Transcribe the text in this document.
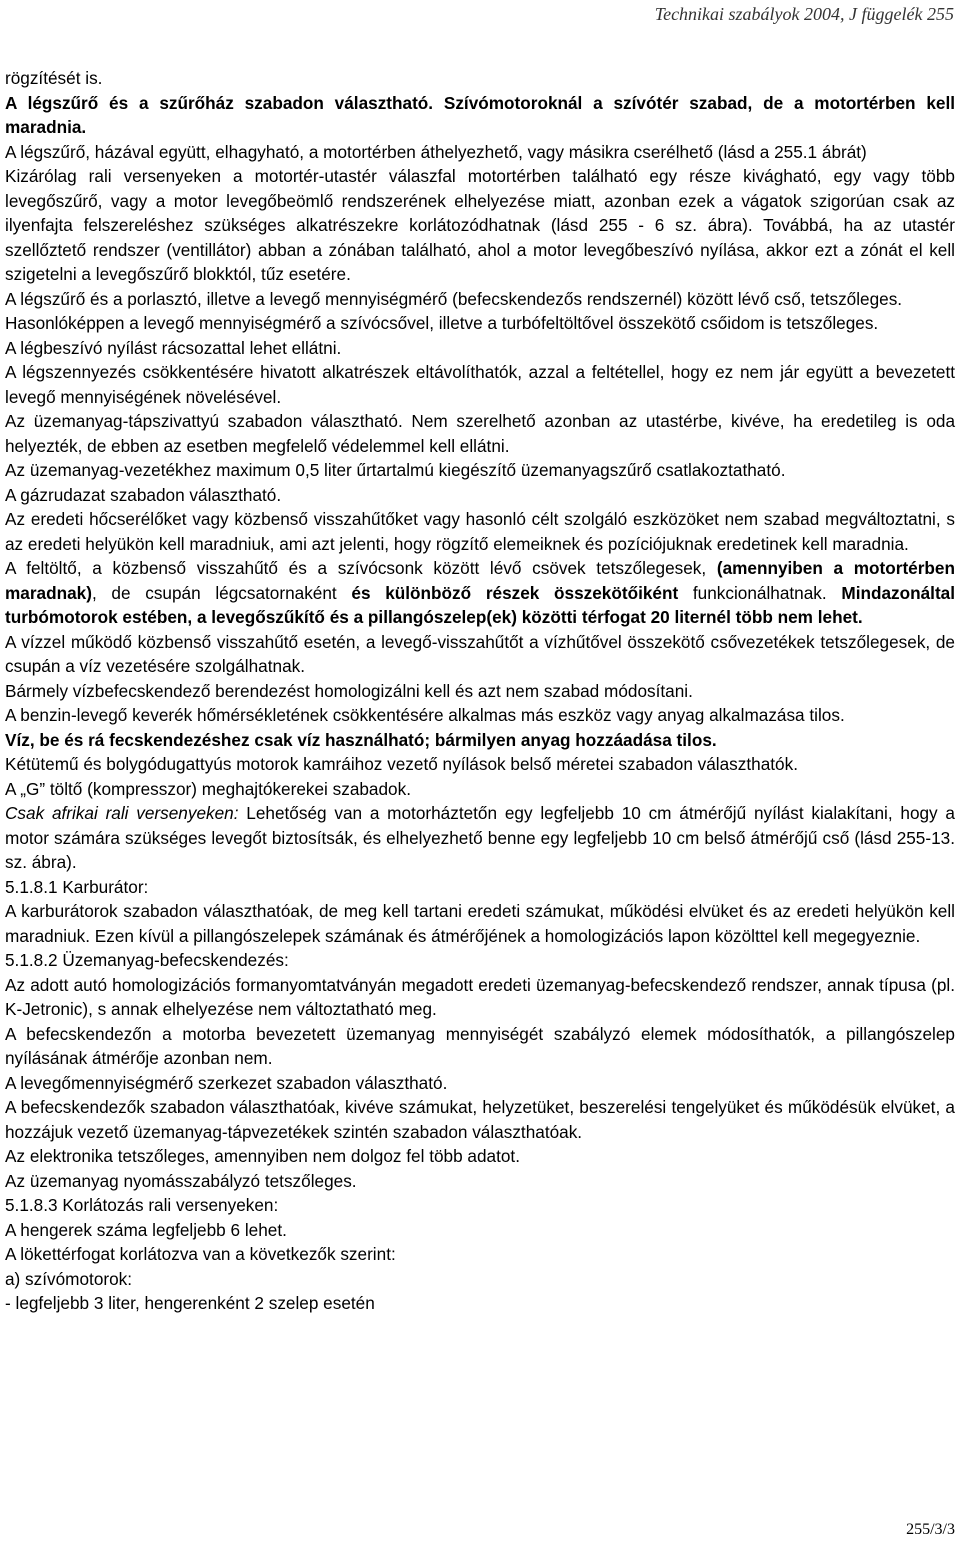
Technikai szabályok 2004, J függelék 255

rögzítését is.

A légszűrő és a szűrőház szabadon választható. Szívómotoroknál a szívótér szabad, de a motortérben kell maradnia.

A légszűrő, házával együtt, elhagyható, a motortérben áthelyezhető, vagy másikra cserélhető (lásd a 255.1 ábrát)

Kizárólag rali versenyeken a motortér-utastér válaszfal motortérben található egy része kivágható, egy vagy több levegőszűrő, vagy a motor levegőbeömlő rendszerének elhelyezése miatt, azonban ezek a vágatok szigorúan csak az ilyenfajta felszereléshez szükséges alkatrészekre korlátozódhatnak (lásd 255 - 6 sz. ábra). Továbbá, ha az utastér szellőztető rendszer (ventillátor) abban a zónában található, ahol a motor levegőbeszívó nyílása, akkor ezt a zónát el kell szigetelni a levegőszűrő blokktól, tűz esetére.

A légszűrő és a porlasztó, illetve a levegő mennyiségmérő (befecskendezős rendszernél) között lévő cső, tetszőleges.

Hasonlóképpen a levegő mennyiségmérő a szívócsővel, illetve a turbófeltöltővel összekötő csőidom is tetszőleges.

A légbeszívó nyílást rácsozattal lehet ellátni.

A légszennyezés csökkentésére hivatott alkatrészek eltávolíthatók, azzal a feltétellel, hogy ez nem jár együtt a bevezetett levegő mennyiségének növelésével.

Az üzemanyag-tápszivattyú szabadon választható. Nem szerelhető azonban az utastérbe, kivéve, ha eredetileg is oda helyezték, de ebben az esetben megfelelő védelemmel kell ellátni.

Az üzemanyag-vezetékhez maximum 0,5 liter űrtartalmú kiegészítő üzemanyagszűrő csatlakoztatható.

A gázrudazat szabadon választható.

Az eredeti hőcserélőket vagy közbenső visszahűtőket vagy hasonló célt szolgáló eszközöket nem szabad megváltoztatni, s az eredeti helyükön kell maradniuk, ami azt jelenti, hogy rögzítő elemeiknek és pozíciójuknak eredetinek kell maradnia.

A feltöltő, a közbenső visszahűtő és a szívócsonk között lévő csövek tetszőlegesek, (amennyiben a motortérben maradnak), de csupán légcsatornaként és különböző részek összekötőiként funkcionálhatnak. Mindazonáltal turbómotorok estében, a levegőszűkítő és a pillangószelep(ek) közötti térfogat 20 liternél több nem lehet.

A vízzel működő közbenső visszahűtő esetén, a levegő-visszahűtőt a vízhűtővel összekötő csővezetékek tetszőlegesek, de csupán a víz vezetésére szolgálhatnak.

Bármely vízbefecskendező berendezést homologizálni kell és azt nem szabad módosítani.

A benzin-levegő keverék hőmérsékletének csökkentésére alkalmas más eszköz vagy anyag alkalmazása tilos.

Víz, be és rá fecskendezéshez csak víz használható; bármilyen anyag hozzáadása tilos.

Kétütemű és bolygódugattyús motorok kamráihoz vezető nyílások belső méretei szabadon választhatók.

A „G” töltő (kompresszor) meghajtókerekei szabadok.

Csak afrikai rali versenyeken: Lehetőség van a motorháztetőn egy legfeljebb 10 cm átmérőjű nyílást kialakítani, hogy a motor számára szükséges levegőt biztosítsák, és elhelyezhető benne egy legfeljebb 10 cm belső átmérőjű cső (lásd 255-13. sz. ábra).

5.1.8.1 Karburátor:

A karburátorok szabadon választhatóak, de meg kell tartani eredeti számukat, működési elvüket és az eredeti helyükön kell maradniuk. Ezen kívül a pillangószelepek számának és átmérőjének a homologizációs lapon közölttel kell megegyeznie.

5.1.8.2 Üzemanyag-befecskendezés:

Az adott autó homologizációs formanyomtatványán megadott eredeti üzemanyag-befecskendező rendszer, annak típusa (pl. K-Jetronic), s annak elhelyezése nem változtatható meg.

A befecskendezőn a motorba bevezetett üzemanyag mennyiségét szabályzó elemek módosíthatók, a pillangószelep nyílásának átmérője azonban nem.

A levegőmennyiségmérő szerkezet szabadon választható.

A befecskendezők szabadon választhatóak, kivéve számukat, helyzetüket, beszerelési tengelyüket és működésük elvüket, a hozzájuk vezető üzemanyag-tápvezetékek szintén szabadon választhatóak.

Az elektronika tetszőleges, amennyiben nem dolgoz fel több adatot.

Az üzemanyag nyomásszabályzó tetszőleges.

5.1.8.3 Korlátozás rali versenyeken:

A hengerek száma legfeljebb 6 lehet.

A lökettérfogat korlátozva van a következők szerint:

a) szívómotorok:

- legfeljebb 3 liter, hengerenként 2 szelep esetén

255/3/3
